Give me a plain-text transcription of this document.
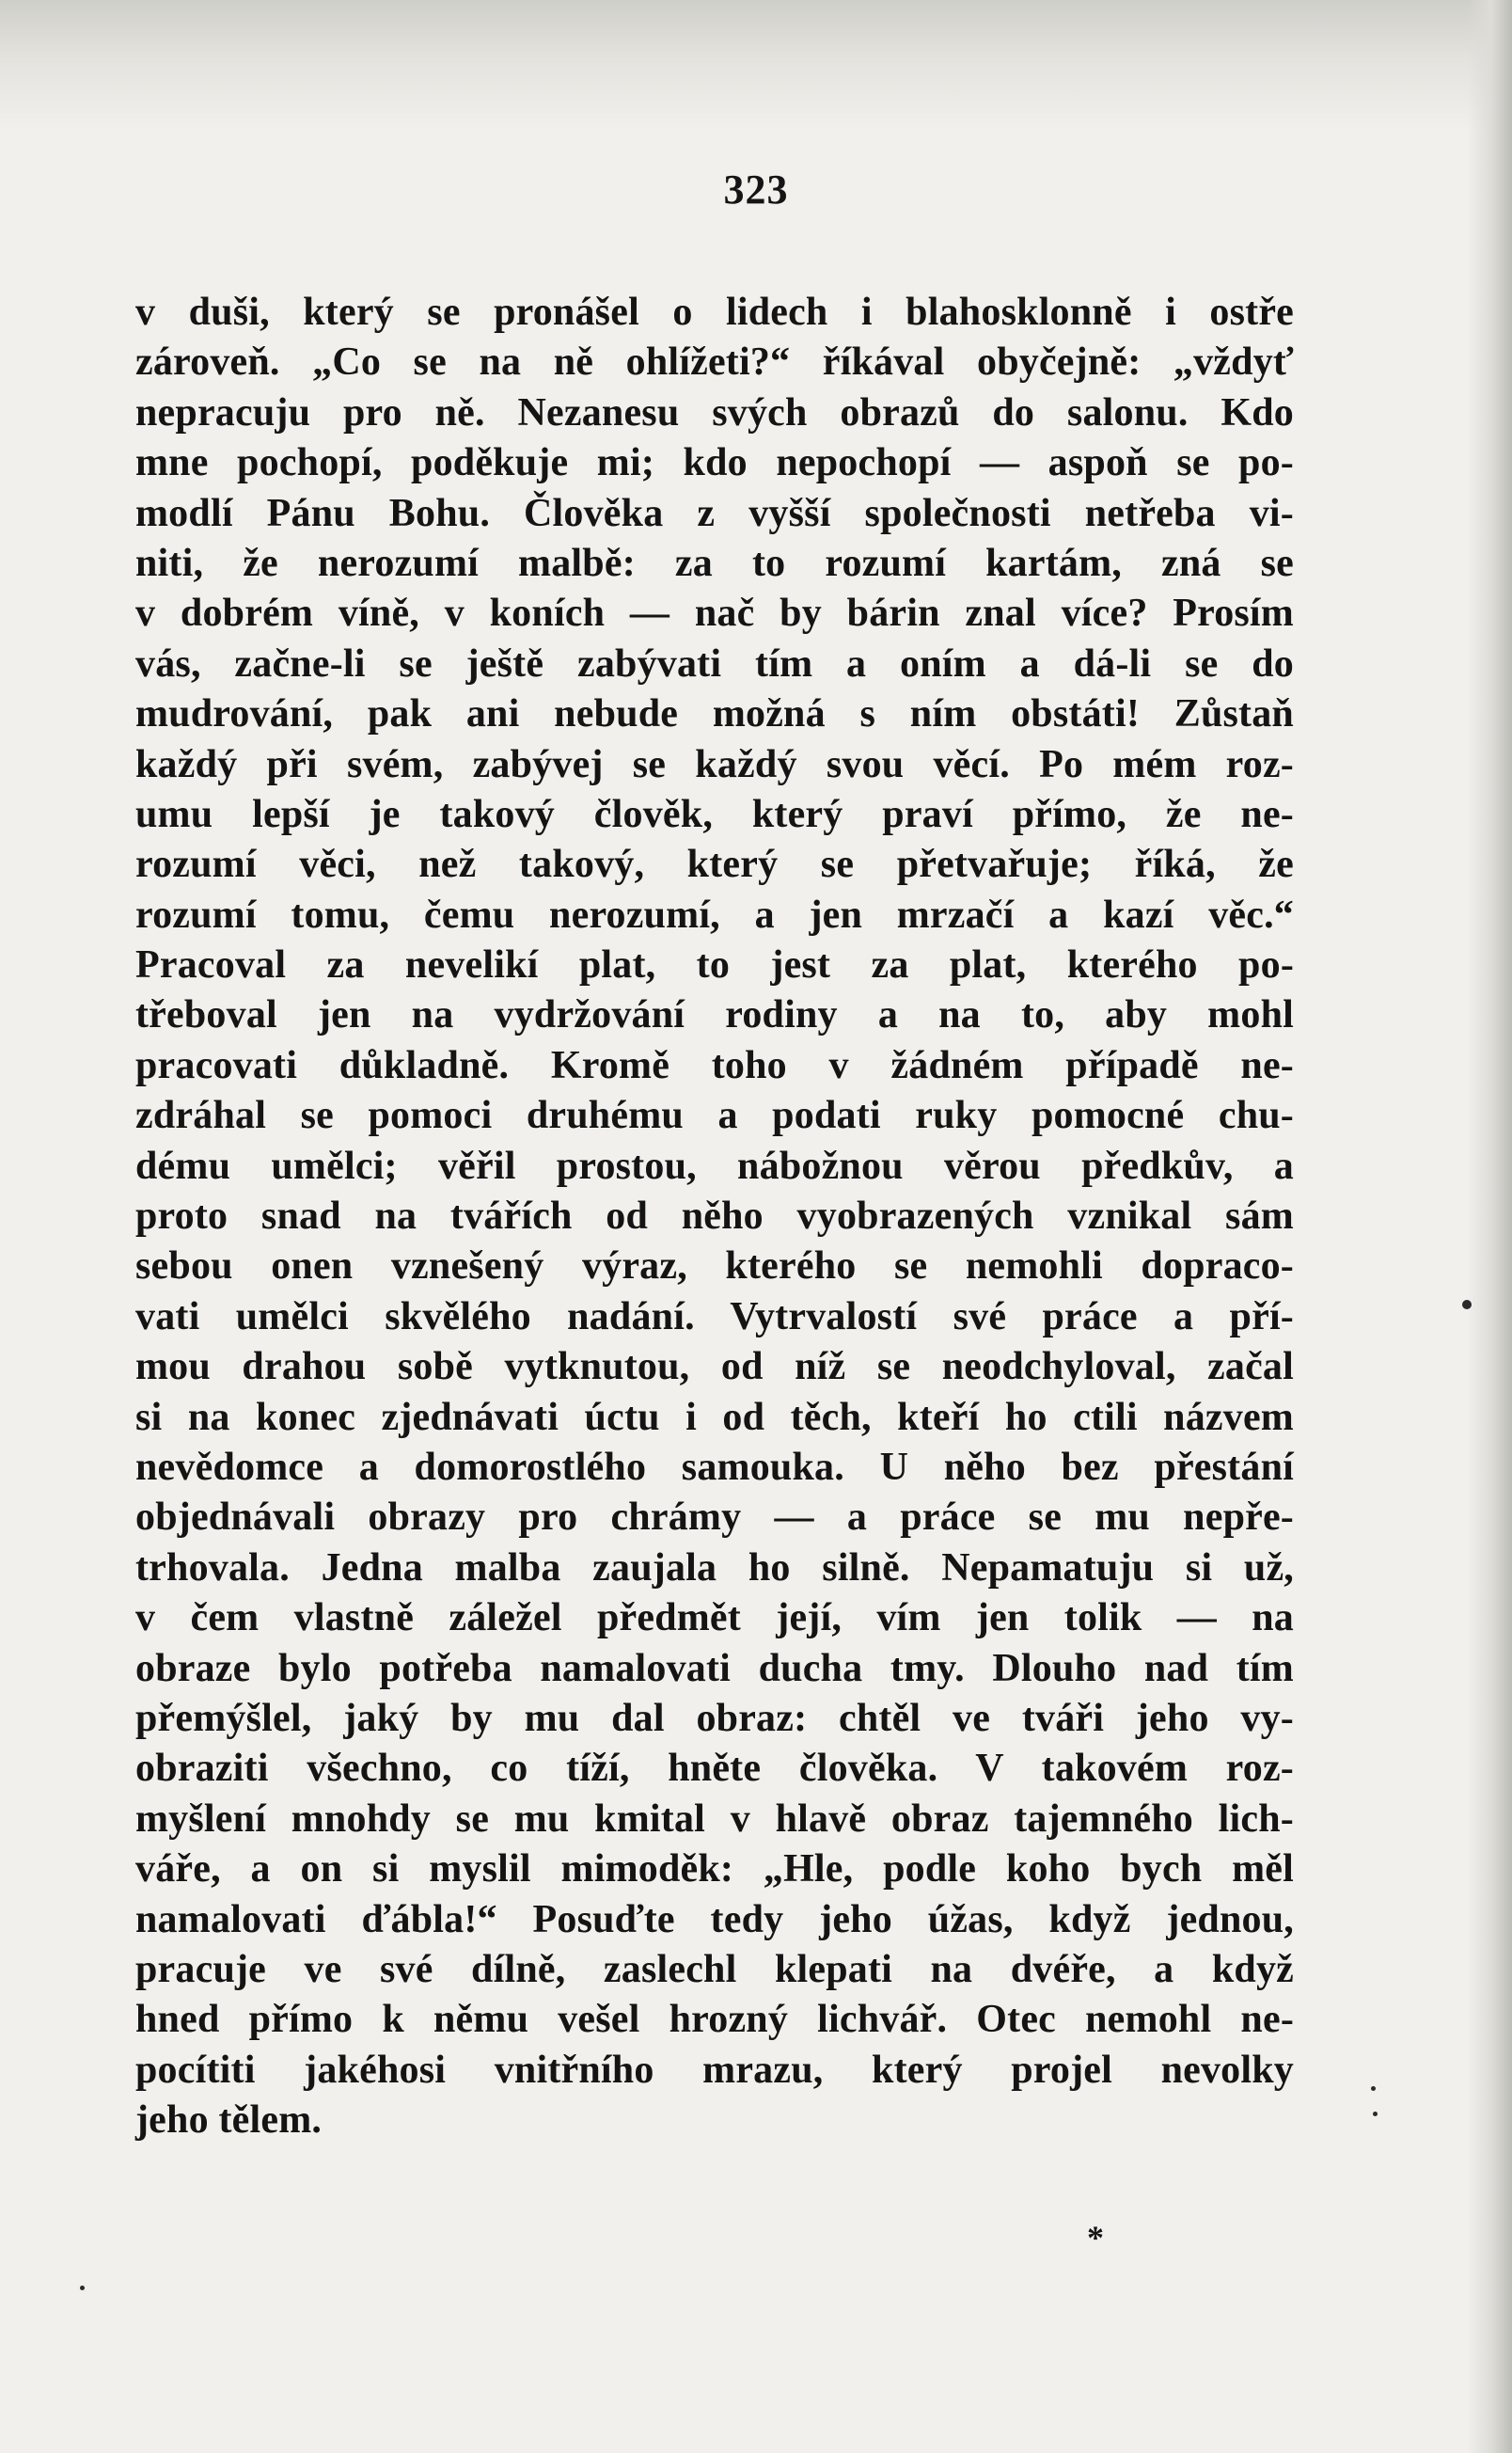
323
v duši, který se pronášel o lidech i blahosklonně i ostře
zároveň. „Co se na ně ohlížeti?“ říkával obyčejně: „vždyť
nepracuju pro ně. Nezanesu svých obrazů do salonu. Kdo
mne pochopí, poděkuje mi; kdo nepochopí — aspoň se po-
modlí Pánu Bohu. Člověka z vyšší společnosti netřeba vi-
niti, že nerozumí malbě: za to rozumí kartám, zná se
v dobrém víně, v koních — nač by bárin znal více? Prosím
vás, začne-li se ještě zabývati tím a oním a dá-li se do
mudrování, pak ani nebude možná s ním obstáti! Zůstaň
každý při svém, zabývej se každý svou věcí. Po mém roz-
umu lepší je takový člověk, který praví přímo, že ne-
rozumí věci, než takový, který se přetvařuje; říká, že
rozumí tomu, čemu nerozumí, a jen mrzačí a kazí věc.“
Pracoval za nevelikí plat, to jest za plat, kterého po-
třeboval jen na vydržování rodiny a na to, aby mohl
pracovati důkladně. Kromě toho v žádném případě ne-
zdráhal se pomoci druhému a podati ruky pomocné chu-
dému umělci; věřil prostou, nábožnou věrou předkův, a
proto snad na tvářích od něho vyobrazených vznikal sám
sebou onen vznešený výraz, kterého se nemohli dopraco-
vati umělci skvělého nadání. Vytrvalostí své práce a pří-
mou drahou sobě vytknutou, od níž se neodchyloval, začal
si na konec zjednávati úctu i od těch, kteří ho ctili názvem
nevědomce a domorostlého samouka. U něho bez přestání
objednávali obrazy pro chrámy — a práce se mu nepře-
trhovala. Jedna malba zaujala ho silně. Nepamatuju si už,
v čem vlastně záležel předmět její, vím jen tolik — na
obraze bylo potřeba namalovati ducha tmy. Dlouho nad tím
přemýšlel, jaký by mu dal obraz: chtěl ve tváři jeho vy-
obraziti všechno, co tíží, hněte člověka. V takovém roz-
myšlení mnohdy se mu kmital v hlavě obraz tajemného lich-
váře, a on si myslil mimoděk: „Hle, podle koho bych měl
namalovati ďábla!“ Posuďte tedy jeho úžas, když jednou,
pracuje ve své dílně, zaslechl klepati na dvéře, a když
hned přímo k němu vešel hrozný lichvář. Otec nemohl ne-
pocítiti jakéhosi vnitřního mrazu, který projel nevolky
jeho tělem.
*
